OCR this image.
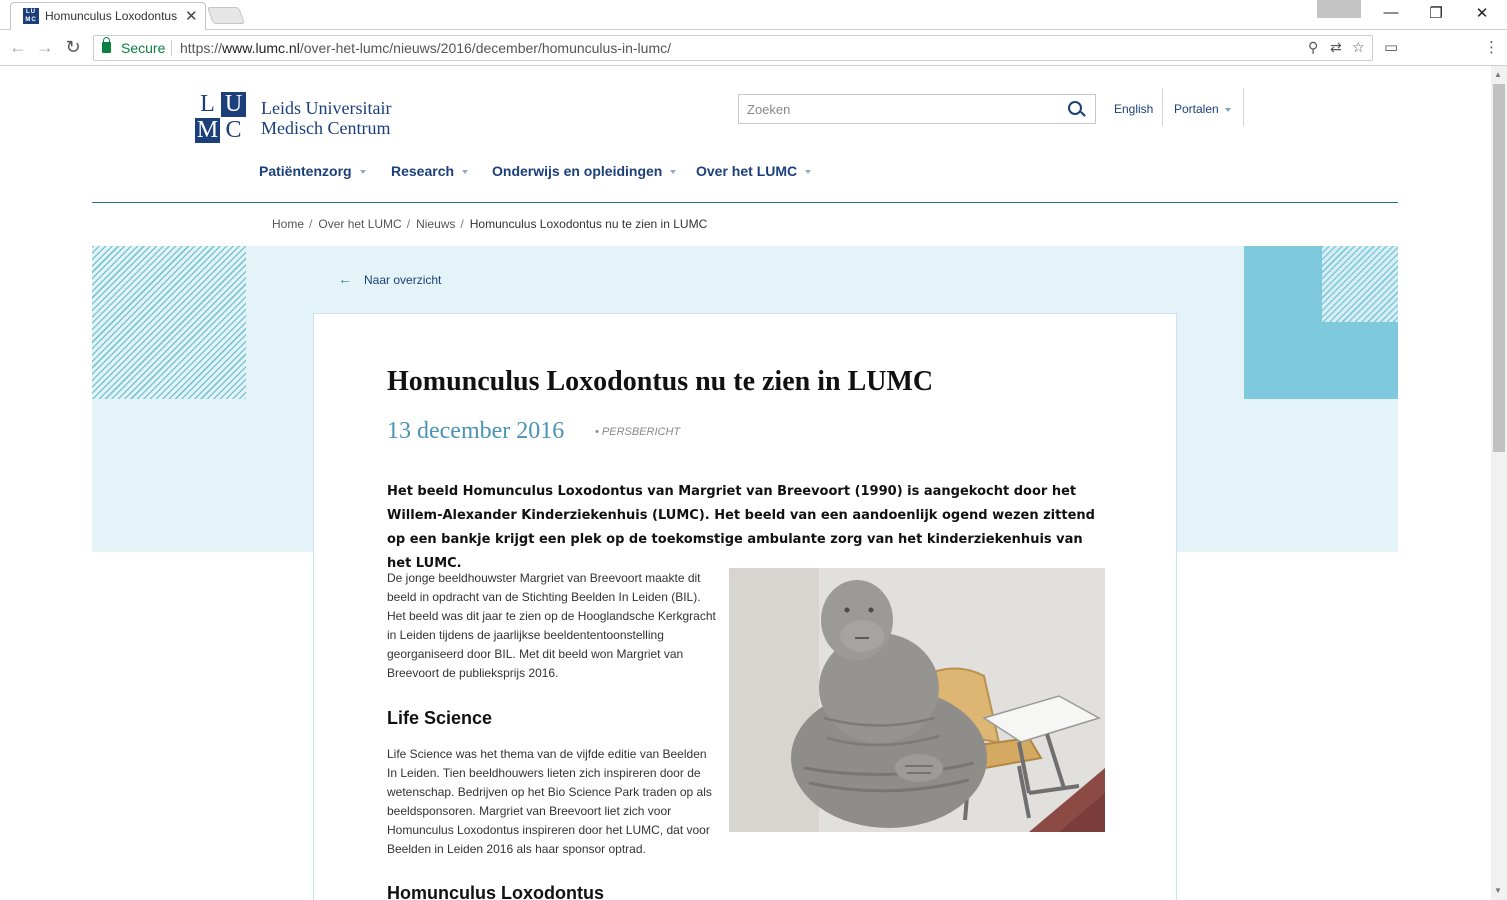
LU
MC Homunculus Loxodontus ✕	—	❐	✕
← → ↻	Secure https://www.lumc.nl/over-het-lumc/nieuws/2016/december/homunculus-in-lumc/	⚲ ⇄ ☆ ▭	⋮
L U
M C
Leids Universitair
Medisch Centrum
Zoeken
English Portalen
Patiëntenzorg	Research	Onderwijs en opleidingen	Over het LUMC
Home / Over het LUMC / Nieuws / Homunculus Loxodontus nu te zien in LUMC
← Naar overzicht
Homunculus Loxodontus nu te zien in LUMC
13 december 2016	• PERSBERICHT
Het beeld Homunculus Loxodontus van Margriet van Breevoort (1990) is aangekocht door het Willem-Alexander Kinderziekenhuis (LUMC). Het beeld van een aandoenlijk ogend wezen zittend op een bankje krijgt een plek op de toekomstige ambulante zorg van het kinderziekenhuis van het LUMC.
De jonge beeldhouwster Margriet van Breevoort maakte dit beeld in opdracht van de Stichting Beelden In Leiden (BIL). Het beeld was dit jaar te zien op de Hooglandsche Kerkgracht in Leiden tijdens de jaarlijkse beeldententoonstelling georganiseerd door BIL. Met dit beeld won Margriet van Breevoort de publieksprijs 2016.
Life Science
Life Science was het thema van de vijfde editie van Beelden In Leiden. Tien beeldhouwers lieten zich inspireren door de wetenschap. Bedrijven op het Bio Science Park traden op als beeldsponsoren. Margriet van Breevoort liet zich voor Homunculus Loxodontus inspireren door het LUMC, dat voor Beelden in Leiden 2016 als haar sponsor optrad.
Homunculus Loxodontus
▲
▼
